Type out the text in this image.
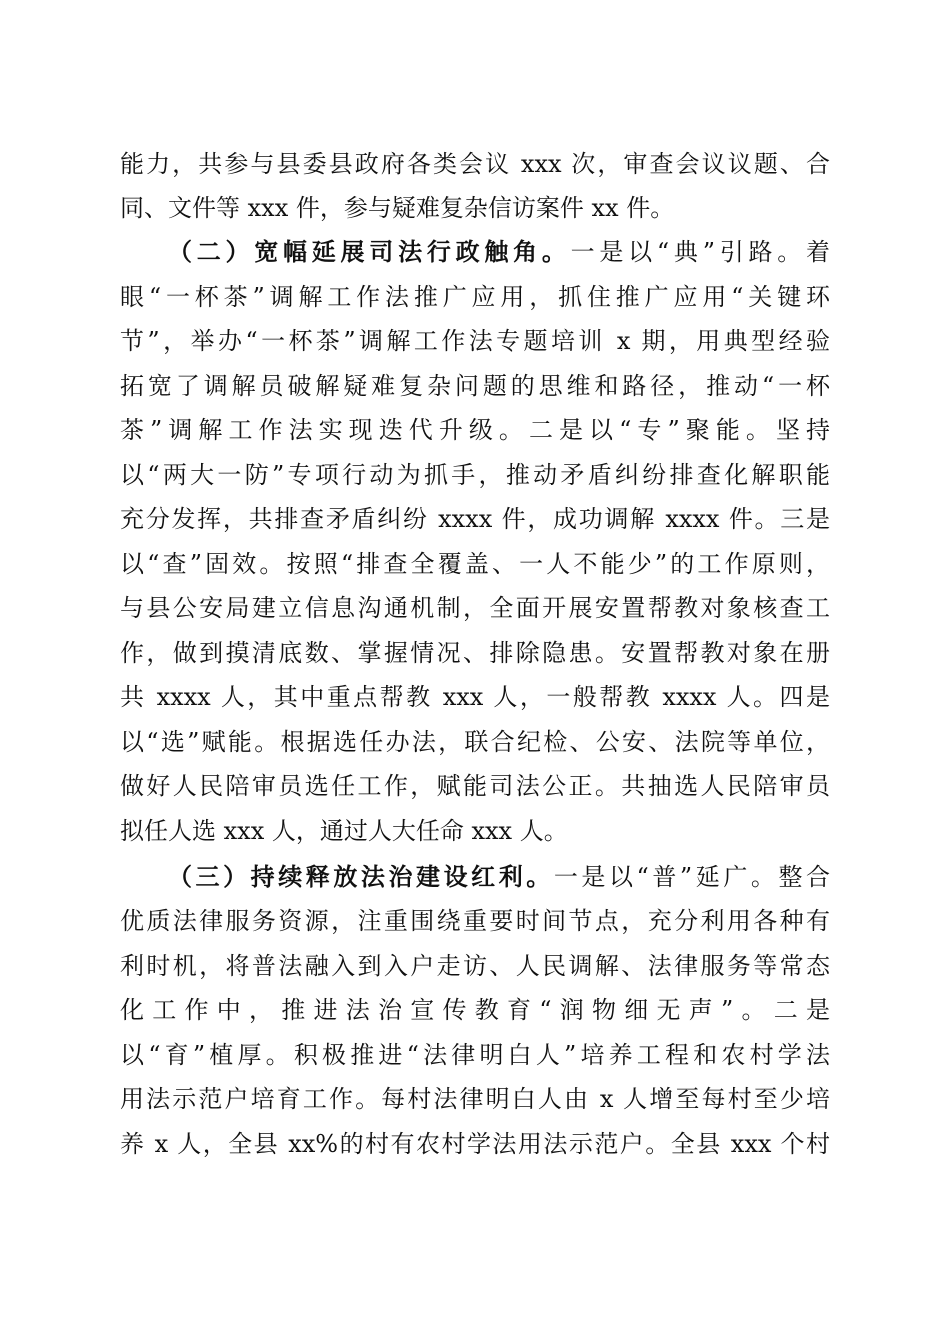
能力，共参与县委县政府各类会议 xxx 次，审查会议议题、合
同、文件等 xxx 件，参与疑难复杂信访案件 xx 件。
（二）宽幅延展司法行政触角。一是以“典”引路。着
眼“一杯茶”调解工作法推广应用，抓住推广应用“关键环
节”，举办“一杯茶”调解工作法专题培训 x 期，用典型经验
拓宽了调解员破解疑难复杂问题的思维和路径，推动“一杯
茶”调解工作法实现迭代升级。二是以“专”聚能。坚持
以“两大一防”专项行动为抓手，推动矛盾纠纷排查化解职能
充分发挥，共排查矛盾纠纷 xxxx 件，成功调解 xxxx 件。三是
以“查”固效。按照“排查全覆盖、一人不能少”的工作原则，
与县公安局建立信息沟通机制，全面开展安置帮教对象核查工
作，做到摸清底数、掌握情况、排除隐患。安置帮教对象在册
共 xxxx 人，其中重点帮教 xxx 人，一般帮教 xxxx 人。四是
以“选”赋能。根据选任办法，联合纪检、公安、法院等单位，
做好人民陪审员选任工作，赋能司法公正。共抽选人民陪审员
拟任人选 xxx 人，通过人大任命 xxx 人。
（三）持续释放法治建设红利。一是以“普”延广。整合
优质法律服务资源，注重围绕重要时间节点，充分利用各种有
利时机，将普法融入到入户走访、人民调解、法律服务等常态
化工作中，推进法治宣传教育“润物细无声”。二是
以“育”植厚。积极推进“法律明白人”培养工程和农村学法
用法示范户培育工作。每村法律明白人由 x 人增至每村至少培
养 x 人，全县 xx%的村有农村学法用法示范户。全县 xxx 个村
